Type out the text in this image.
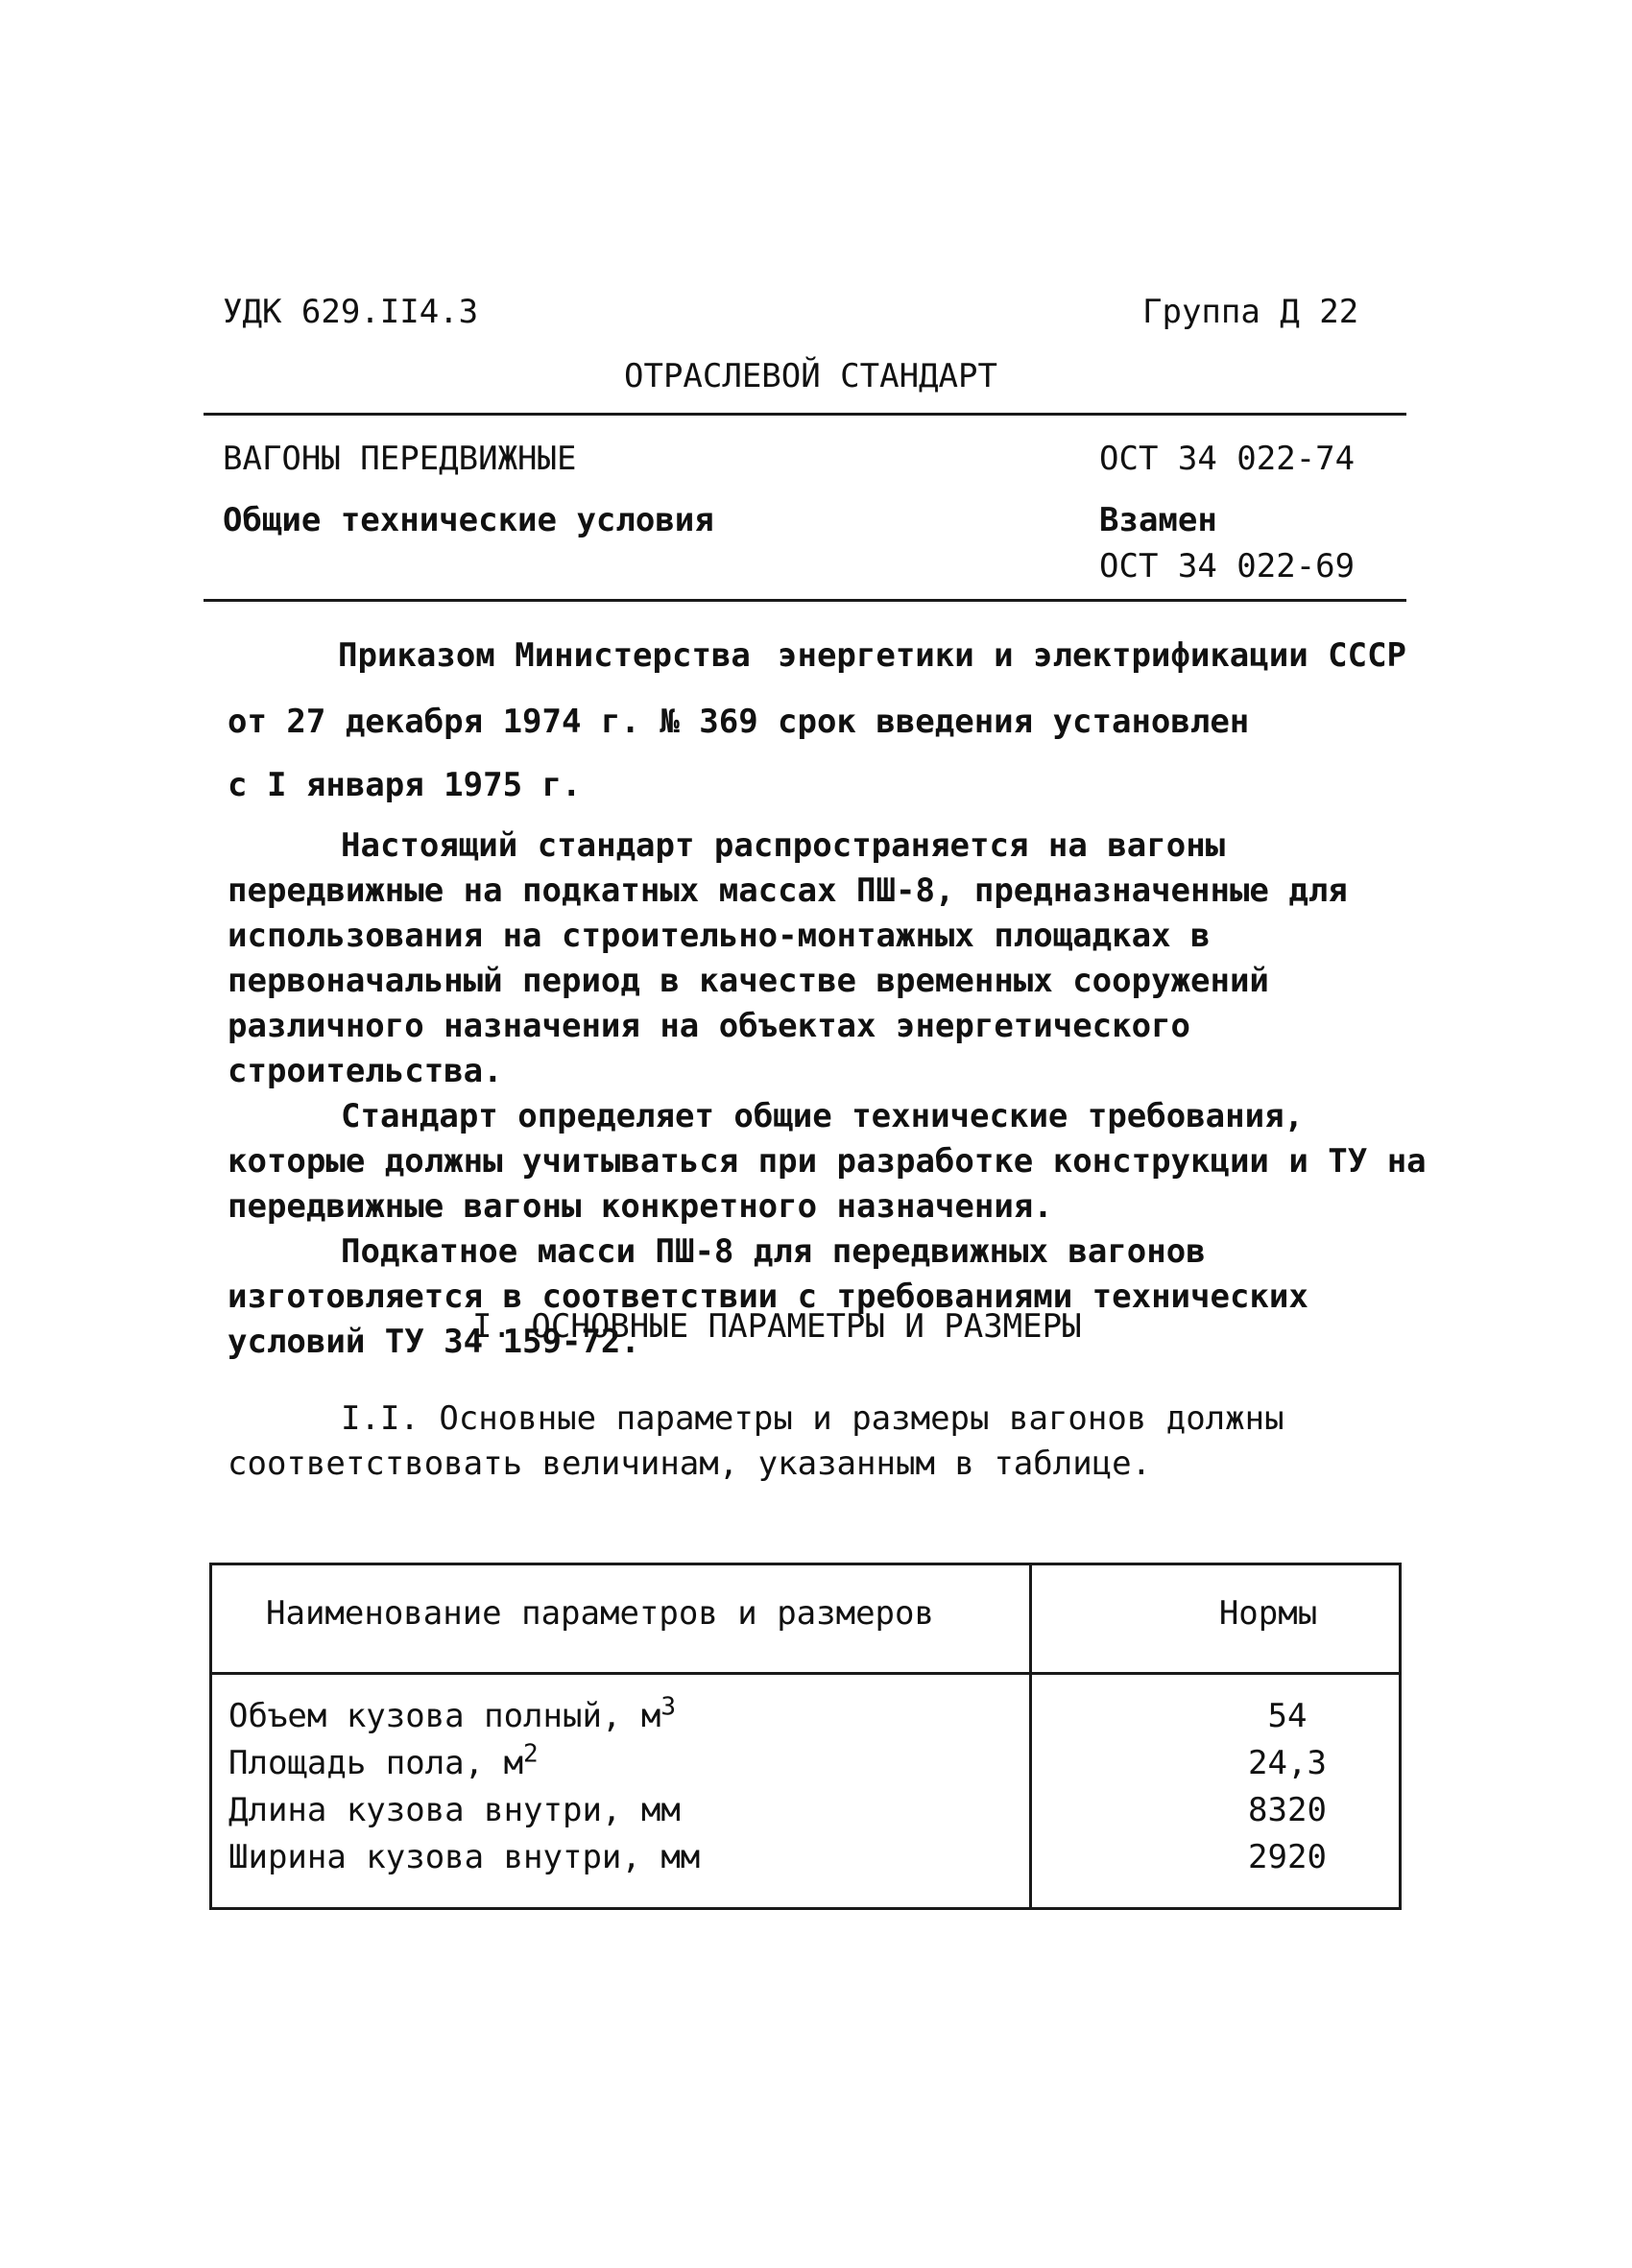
УДК 629.II4.3	Группа Д 22
ОТРАСЛЕВОЙ СТАНДАРТ
ВАГОНЫ ПЕРЕДВИЖНЫЕ	ОСТ 34 022-74
Общие технические условия	Взамен
ОСТ 34 022-69
Приказом Министерства энергетики и электрификации СССР
от 27 декабря 1974 г. № 369 срок введения установлен
с I января 1975 г.

Настоящий стандарт распространяется на вагоны передвижные на подкатных массах ПШ-8, предназначенные для использования на строительно-монтажных площадках в первоначальный период в качестве временных сооружений различного назначения на объектах энергетического строительства.

Стандарт определяет общие технические требования, которые должны учитываться при разработке конструкции и ТУ на передвижные вагоны конкретного назначения.

Подкатное масси ПШ-8 для передвижных вагонов изготовляется в соответствии с требованиями технических условий ТУ 34 159-72.

I. ОСНОВНЫЕ ПАРАМЕТРЫ И РАЗМЕРЫ

I.I. Основные параметры и размеры вагонов должны соответствовать величинам, указанным в таблице.

Наименование параметров и размеров	Нормы
Объем кузова полный, $м^3$	54
Площадь пола, $м^2$	24,3
Длина кузова внутри, мм	8320
Ширина кузова внутри, мм	2920
